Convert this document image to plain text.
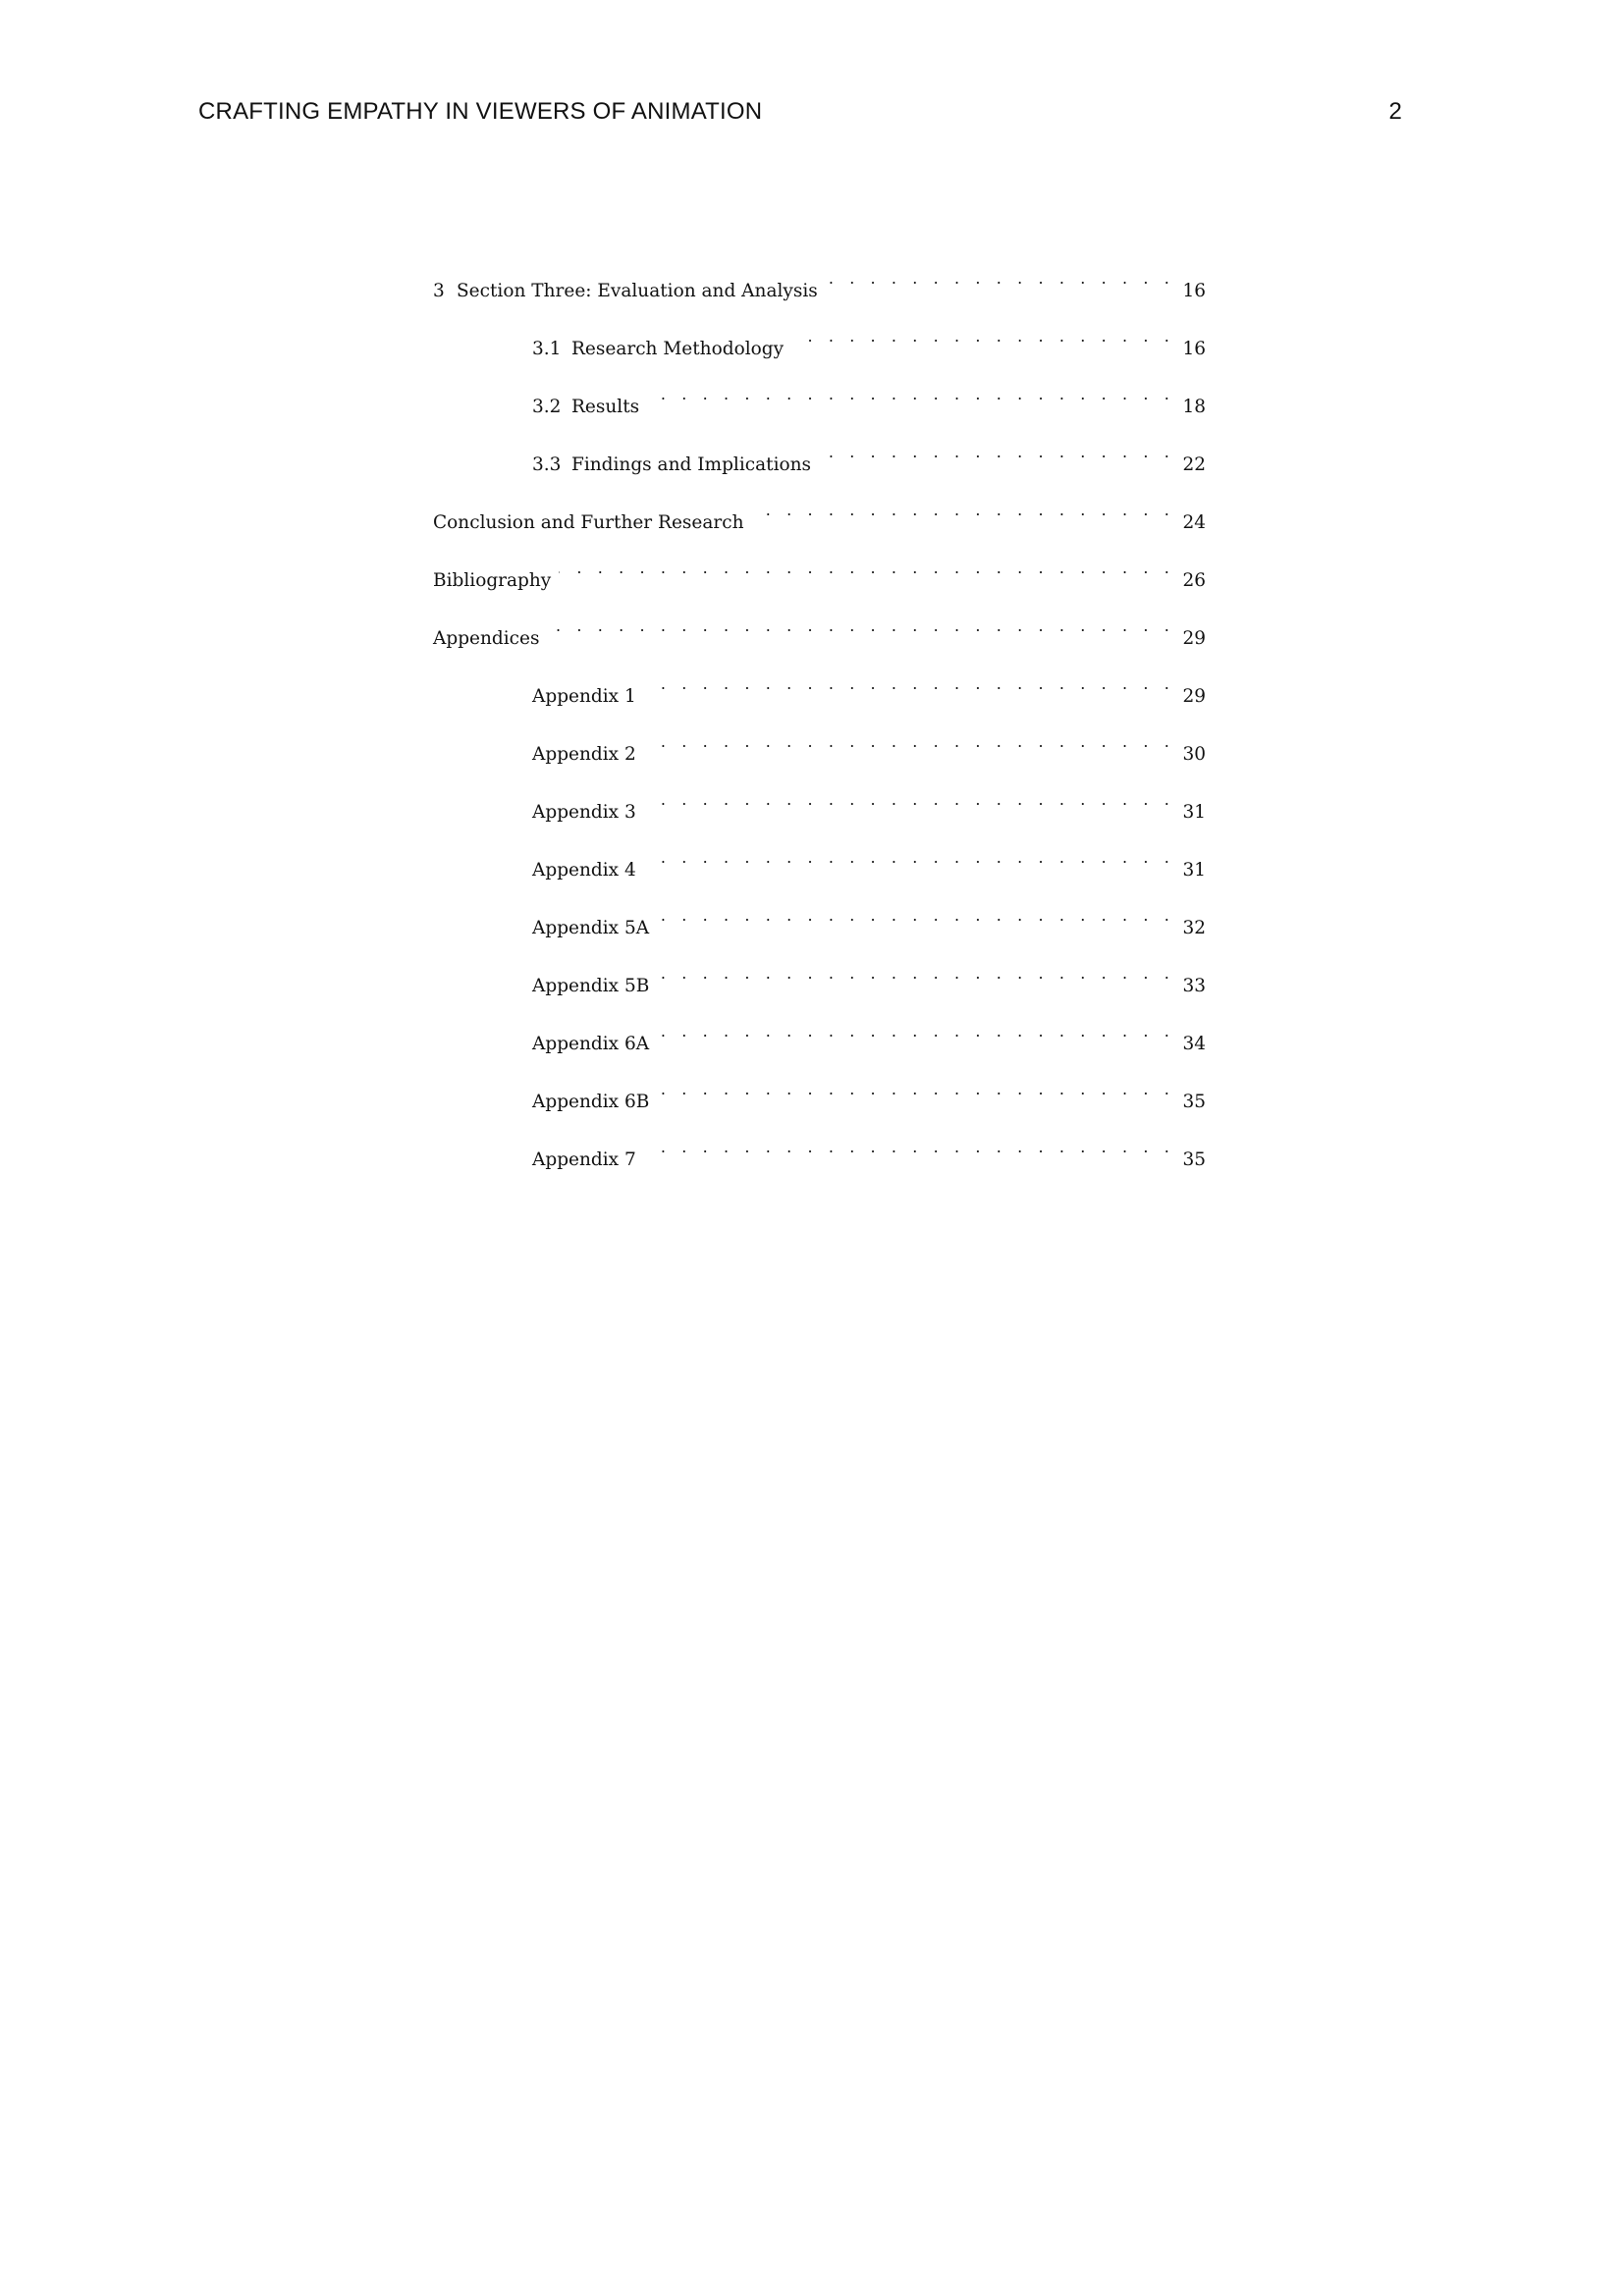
CRAFTING EMPATHY IN VIEWERS OF ANIMATION	2
3 Section Three: Evaluation and Analysis . . .	16
3.1 Research Methodology . . .	16
3.2 Results . . .	18
3.3 Findings and Implications . . .	22
Conclusion and Further Research . . .	24
Bibliography . . .	26
Appendices . . .	29
Appendix 1 . . .	29
Appendix 2 . . .	30
Appendix 3 . . .	31
Appendix 4 . . .	31
Appendix 5A . . .	32
Appendix 5B . . .	33
Appendix 6A . . .	34
Appendix 6B . . .	35
Appendix 7 . . .	35
